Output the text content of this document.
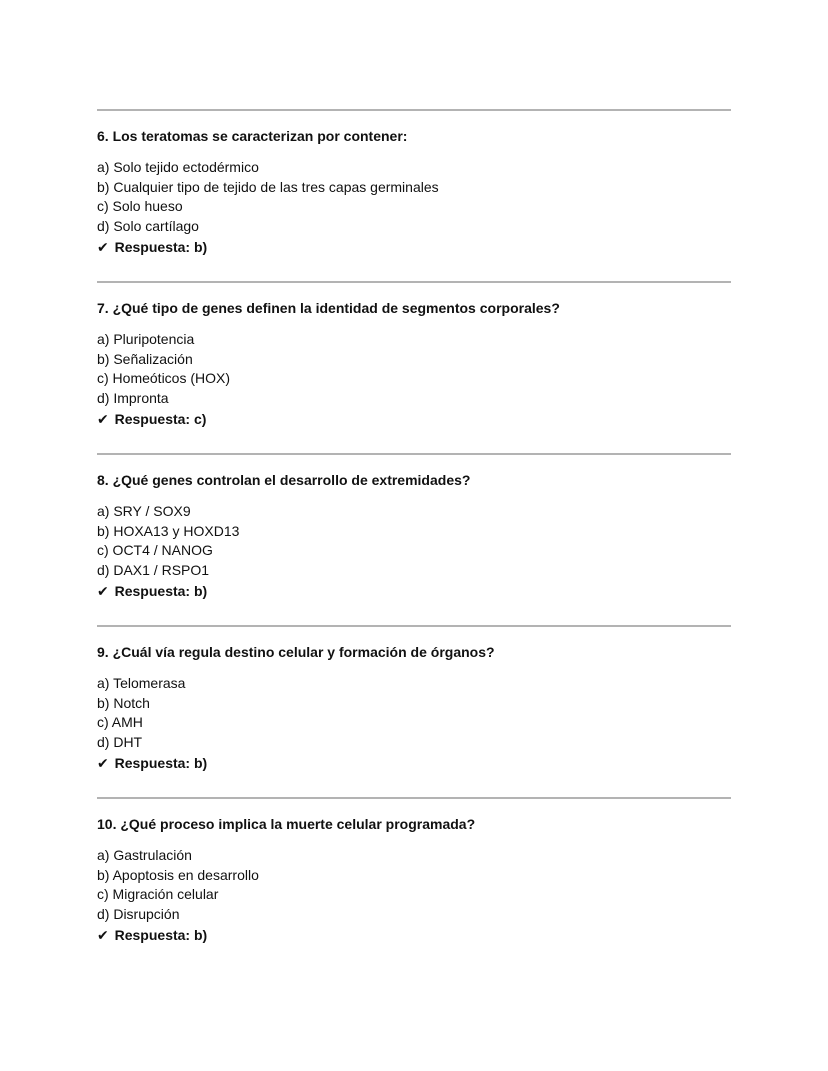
6. Los teratomas se caracterizan por contener:
a) Solo tejido ectodérmico
b) Cualquier tipo de tejido de las tres capas germinales
c) Solo hueso
d) Solo cartílago
✔ Respuesta: b)
7. ¿Qué tipo de genes definen la identidad de segmentos corporales?
a) Pluripotencia
b) Señalización
c) Homeóticos (HOX)
d) Impronta
✔ Respuesta: c)
8. ¿Qué genes controlan el desarrollo de extremidades?
a) SRY / SOX9
b) HOXA13 y HOXD13
c) OCT4 / NANOG
d) DAX1 / RSPO1
✔ Respuesta: b)
9. ¿Cuál vía regula destino celular y formación de órganos?
a) Telomerasa
b) Notch
c) AMH
d) DHT
✔ Respuesta: b)
10. ¿Qué proceso implica la muerte celular programada?
a) Gastrulación
b) Apoptosis en desarrollo
c) Migración celular
d) Disrupción
✔ Respuesta: b)
